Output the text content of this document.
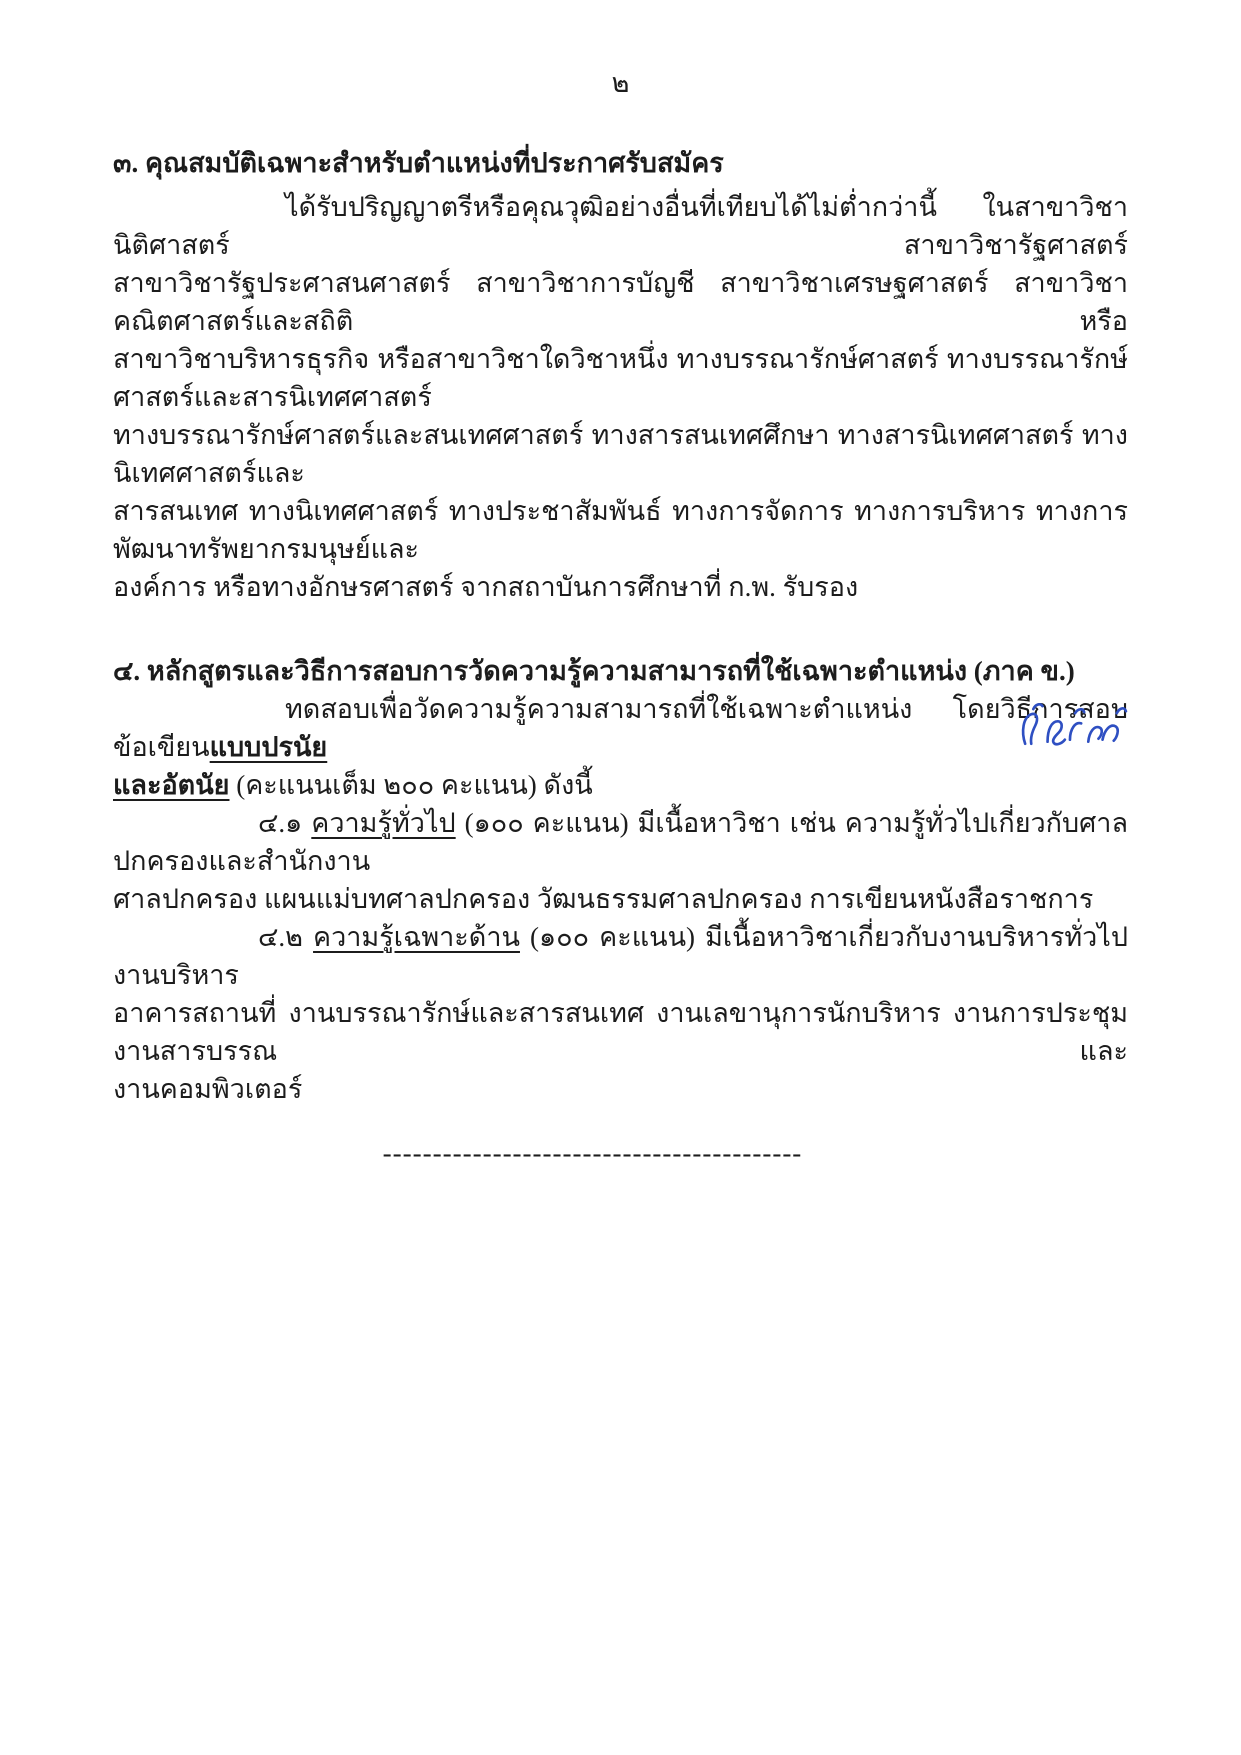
๒
๓. คุณสมบัติเฉพาะสำหรับตำแหน่งที่ประกาศรับสมัคร
ได้รับปริญญาตรีหรือคุณวุฒิอย่างอื่นที่เทียบได้ไม่ต่ำกว่านี้ ในสาขาวิชานิติศาสตร์ สาขาวิชารัฐศาสตร์
สาขาวิชารัฐประศาสนศาสตร์ สาขาวิชาการบัญชี สาขาวิชาเศรษฐศาสตร์ สาขาวิชาคณิตศาสตร์และสถิติ หรือ
สาขาวิชาบริหารธุรกิจ หรือสาขาวิชาใดวิชาหนึ่ง ทางบรรณารักษ์ศาสตร์ ทางบรรณารักษ์ศาสตร์และสารนิเทศศาสตร์
ทางบรรณารักษ์ศาสตร์และสนเทศศาสตร์ ทางสารสนเทศศึกษา ทางสารนิเทศศาสตร์ ทางนิเทศศาสตร์และ
สารสนเทศ ทางนิเทศศาสตร์ ทางประชาสัมพันธ์ ทางการจัดการ ทางการบริหาร ทางการพัฒนาทรัพยากรมนุษย์และ
องค์การ หรือทางอักษรศาสตร์ จากสถาบันการศึกษาที่ ก.พ. รับรอง
๔. หลักสูตรและวิธีการสอบการวัดความรู้ความสามารถที่ใช้เฉพาะตำแหน่ง (ภาค ข.)
ทดสอบเพื่อวัดความรู้ความสามารถที่ใช้เฉพาะตำแหน่ง โดยวิธีการสอบข้อเขียนแบบปรนัย
และอัตนัย (คะแนนเต็ม ๒๐๐ คะแนน) ดังนี้
๔.๑ ความรู้ทั่วไป (๑๐๐ คะแนน) มีเนื้อหาวิชา เช่น ความรู้ทั่วไปเกี่ยวกับศาลปกครองและสำนักงาน
ศาลปกครอง แผนแม่บทศาลปกครอง วัฒนธรรมศาลปกครอง การเขียนหนังสือราชการ
๔.๒ ความรู้เฉพาะด้าน (๑๐๐ คะแนน) มีเนื้อหาวิชาเกี่ยวกับงานบริหารทั่วไป งานบริหาร
อาคารสถานที่ งานบรรณารักษ์และสารสนเทศ งานเลขานุการนักบริหาร งานการประชุม งานสารบรรณ และ
งานคอมพิวเตอร์
------------------------------------------
